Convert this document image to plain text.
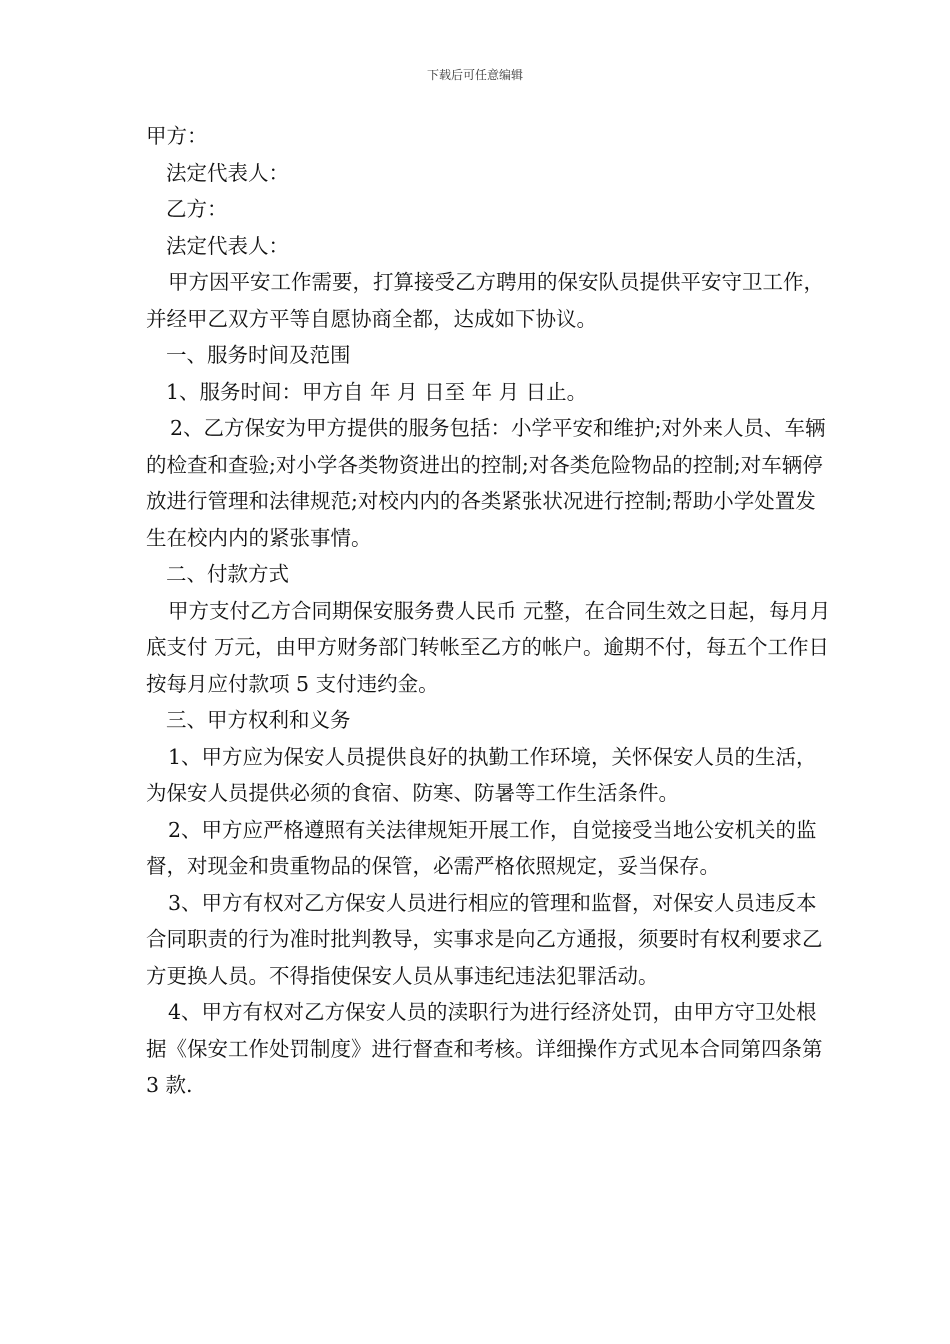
下载后可任意编辑

甲方：

法定代表人：

乙方：

法定代表人：

甲方因平安工作需要，打算接受乙方聘用的保安队员提供平安守卫工作，并经甲乙双方平等自愿协商全都，达成如下协议。

一、服务时间及范围

1、服务时间：甲方自 年 月 日至 年 月 日止。

2、乙方保安为甲方提供的服务包括：小学平安和维护;对外来人员、车辆的检查和查验;对小学各类物资进出的控制;对各类危险物品的控制;对车辆停放进行管理和法律规范;对校内内的各类紧张状况进行控制;帮助小学处置发生在校内内的紧张事情。

二、付款方式

甲方支付乙方合同期保安服务费人民币 元整，在合同生效之日起，每月月底支付 万元，由甲方财务部门转帐至乙方的帐户。逾期不付，每五个工作日按每月应付款项 5 支付违约金。

三、甲方权利和义务

1、甲方应为保安人员提供良好的执勤工作环境，关怀保安人员的生活，为保安人员提供必须的食宿、防寒、防暑等工作生活条件。

2、甲方应严格遵照有关法律规矩开展工作，自觉接受当地公安机关的监督，对现金和贵重物品的保管，必需严格依照规定，妥当保存。

3、甲方有权对乙方保安人员进行相应的管理和监督，对保安人员违反本合同职责的行为准时批判教导，实事求是向乙方通报，须要时有权利要求乙方更换人员。不得指使保安人员从事违纪违法犯罪活动。

4、甲方有权对乙方保安人员的渎职行为进行经济处罚，由甲方守卫处根据《保安工作处罚制度》进行督查和考核。详细操作方式见本合同第四条第 3 款.
